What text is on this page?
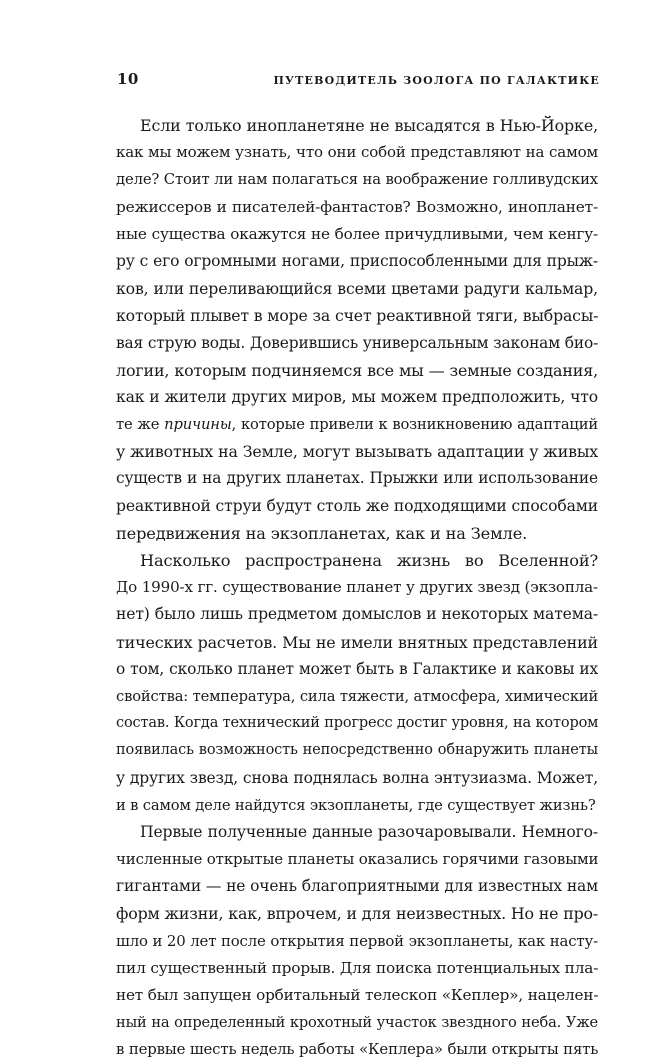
10	ПУТЕВОДИТЕЛЬ ЗООЛОГА ПО ГАЛАКТИКЕ
Если только инопланетяне не высадятся в Нью-Йорке,
как мы можем узнать, что они собой представляют на самом
деле? Стоит ли нам полагаться на воображение голливудских
режиссеров и писателей-фантастов? Возможно, инопланет-
ные существа окажутся не более причудливыми, чем кенгу-
ру с его огромными ногами, приспособленными для прыж-
ков, или переливающийся всеми цветами радуги кальмар,
который плывет в море за счет реактивной тяги, выбрасы-
вая струю воды. Доверившись универсальным законам био-
логии, которым подчиняемся все мы — земные создания,
как и жители других миров, мы можем предположить, что
те же причины, которые привели к возникновению адаптаций
у животных на Земле, могут вызывать адаптации у живых
существ и на других планетах. Прыжки или использование
реактивной струи будут столь же подходящими способами
передвижения на экзопланетах, как и на Земле.
Насколько распространена жизнь во Вселенной?
До 1990-х гг. существование планет у других звезд (экзопла-
нет) было лишь предметом домыслов и некоторых матема-
тических расчетов. Мы не имели внятных представлений
о том, сколько планет может быть в Галактике и каковы их
свойства: температура, сила тяжести, атмосфера, химический
состав. Когда технический прогресс достиг уровня, на котором
появилась возможность непосредственно обнаружить планеты
у других звезд, снова поднялась волна энтузиазма. Может,
и в самом деле найдутся экзопланеты, где существует жизнь?
Первые полученные данные разочаровывали. Немного-
численные открытые планеты оказались горячими газовыми
гигантами — не очень благоприятными для известных нам
форм жизни, как, впрочем, и для неизвестных. Но не про-
шло и 20 лет после открытия первой экзопланеты, как насту-
пил существенный прорыв. Для поиска потенциальных пла-
нет был запущен орбитальный телескоп «Кеплер», нацелен-
ный на определенный крохотный участок звездного неба. Уже
в первые шесть недель работы «Кеплера» были открыты пять
